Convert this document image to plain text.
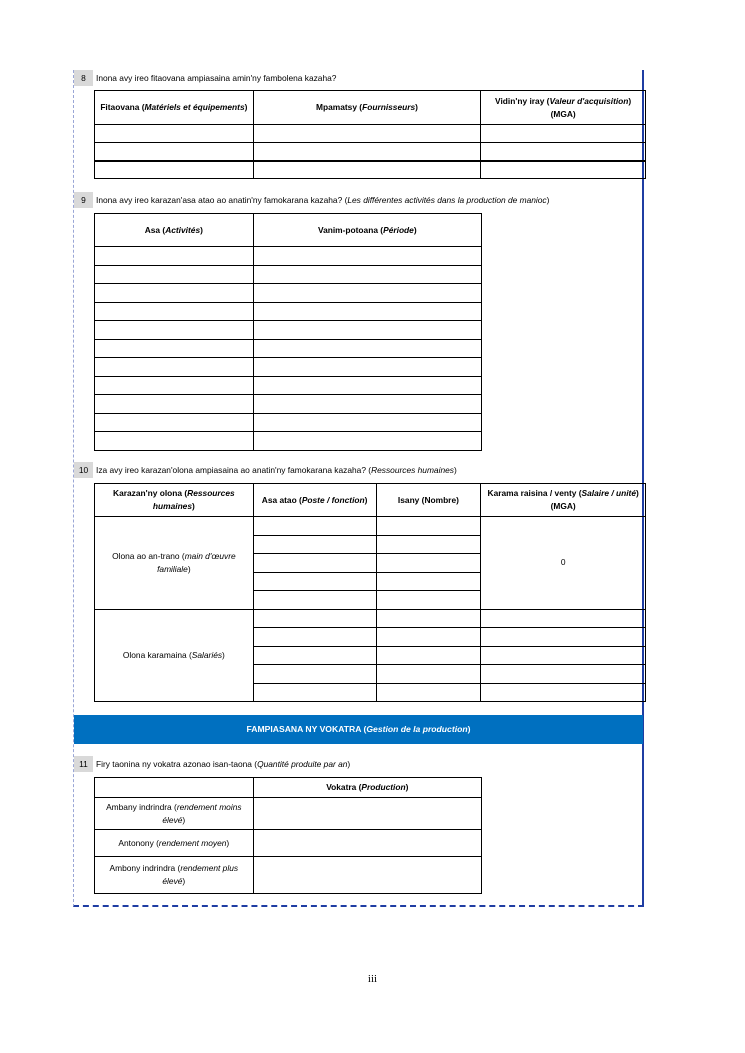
8	Inona avy ireo fitaovana ampiasaina amin'ny fambolena kazaha?
Fitaovana (Matériels et équipements)	Mpamatsy (Fournisseurs)	Vidin'ny iray (Valeur d'acquisition) (MGA)

9	Inona avy ireo karazan'asa atao ao anatin'ny famokarana kazaha? (Les différentes activités dans la production de manioc)
Asa (Activités)	Vanim-potoana (Période)

10 Iza avy ireo karazan'olona ampiasaina ao anatin'ny famokarana kazaha? (Ressources humaines)
Karazan'ny olona (Ressources humaines)	Asa atao (Poste / fonction)	Isany (Nombre)	Karama raisina / venty (Salaire / unité) (MGA)
Olona ao an-trano (main d'œuvre familiale)			0

Olona karamaina (Salariés)			

FAMPIASANA NY VOKATRA (Gestion de la production)
11 Firy taonina ny vokatra azonao isan-taona (Quantité produite par an)
	Vokatra (Production)
Ambany indrindra (rendement moins élevé)	
Antonony (rendement moyen)	
Ambony indrindra (rendement plus élevé)	
iii
